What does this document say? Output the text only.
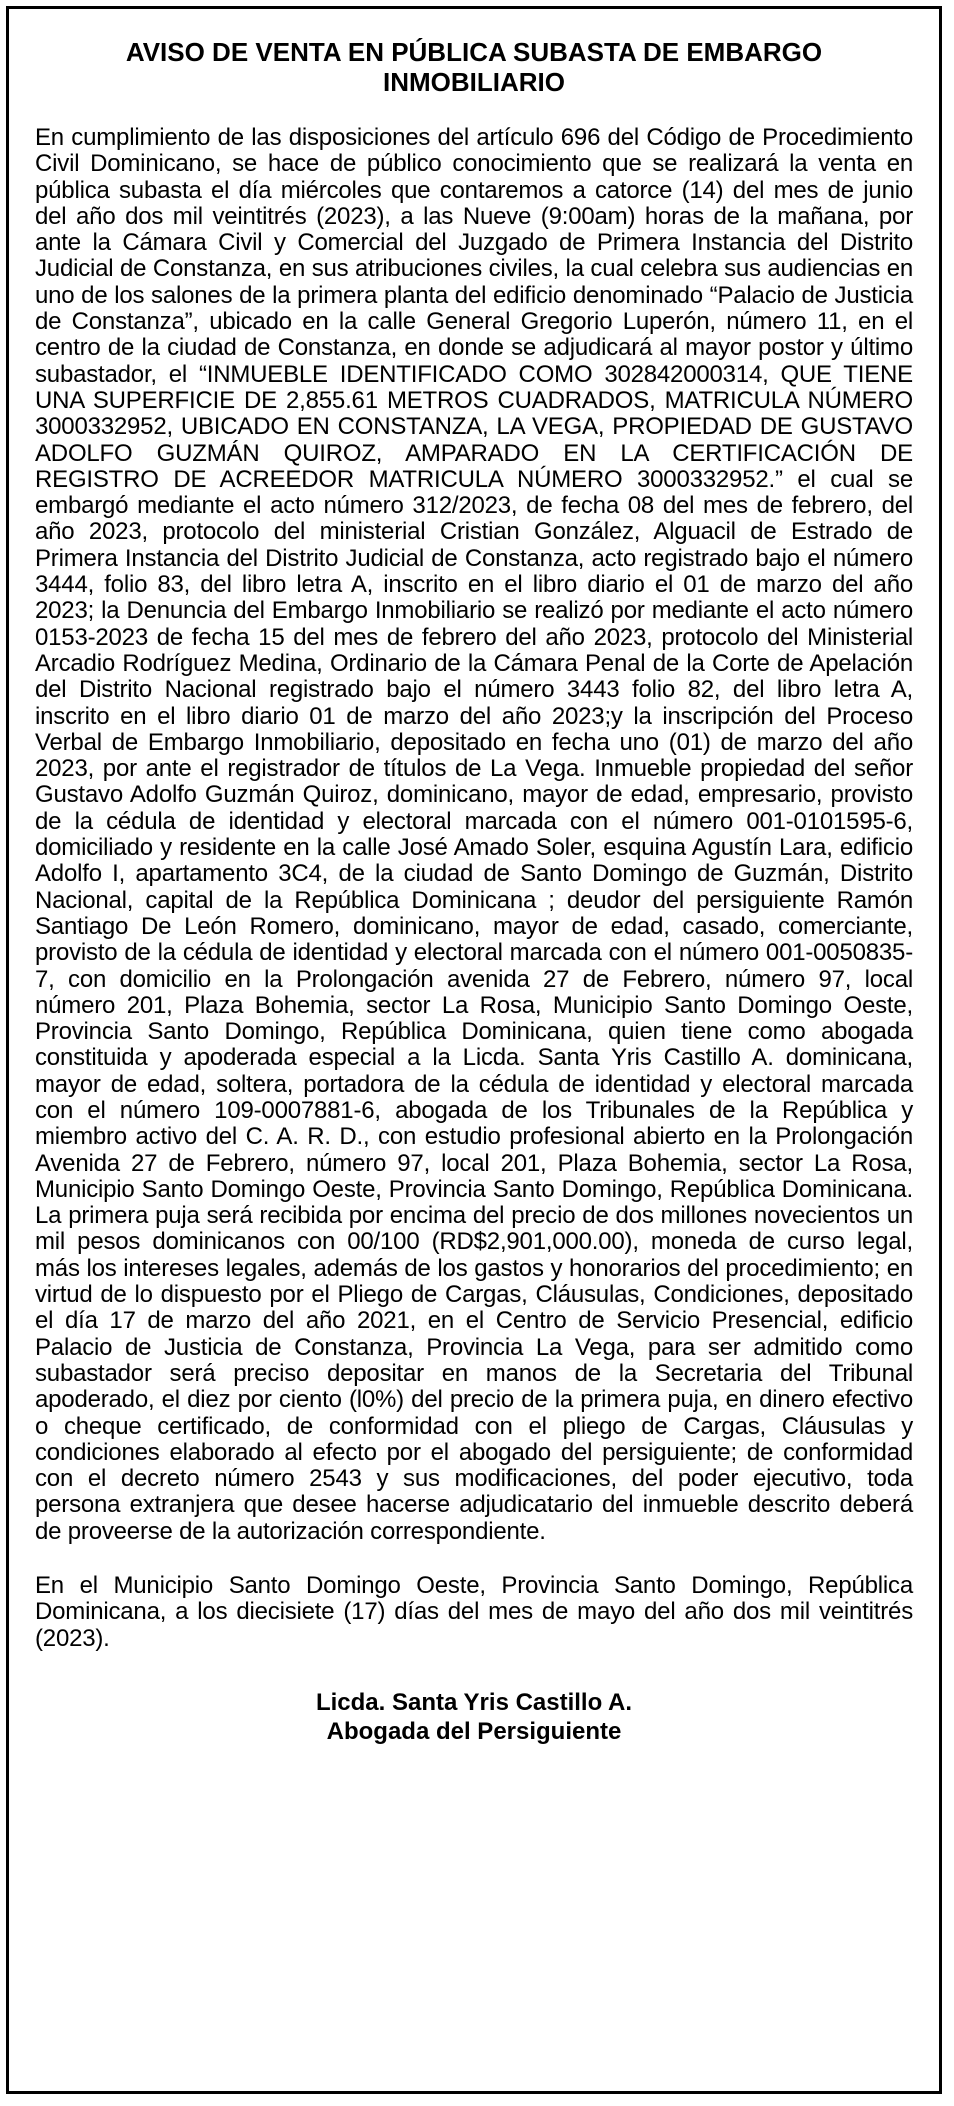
AVISO DE VENTA EN PÚBLICA SUBASTA DE EMBARGO INMOBILIARIO

En cumplimiento de las disposiciones del artículo 696 del Código de Procedimiento Civil Dominicano, se hace de público conocimiento que se realizará la venta en pública subasta el día miércoles que contaremos a catorce (14) del mes de junio del año dos mil veintitrés (2023), a las Nueve (9:00am) horas de la mañana, por ante la Cámara Civil y Comercial del Juzgado de Primera Instancia del Distrito Judicial de Constanza, en sus atribuciones civiles, la cual celebra sus audiencias en uno de los salones de la primera planta del edificio denominado “Palacio de Justicia de Constanza”, ubicado en la calle General Gregorio Luperón, número 11, en el centro de la ciudad de Constanza, en donde se adjudicará al mayor postor y último subastador, el “INMUEBLE IDENTIFICADO COMO 302842000314, QUE TIENE UNA SUPERFICIE DE 2,855.61 METROS CUADRADOS, MATRICULA NÚMERO 3000332952, UBICADO EN CONSTANZA, LA VEGA, PROPIEDAD DE GUSTAVO ADOLFO GUZMÁN QUIROZ, AMPARADO EN LA CERTIFICACIÓN DE REGISTRO DE ACREEDOR MATRICULA NÚMERO 3000332952.” el cual se embargó mediante el acto número 312/2023, de fecha 08 del mes de febrero, del año 2023, protocolo del ministerial Cristian González, Alguacil de Estrado de Primera Instancia del Distrito Judicial de Constanza, acto registrado bajo el número 3444, folio 83, del libro letra A, inscrito en el libro diario el 01 de marzo del año 2023; la Denuncia del Embargo Inmobiliario se realizó por mediante el acto número 0153-2023 de fecha 15 del mes de febrero del año 2023, protocolo del Ministerial Arcadio Rodríguez Medina, Ordinario de la Cámara Penal de la Corte de Apelación del Distrito Nacional registrado bajo el número 3443 folio 82, del libro letra A, inscrito en el libro diario 01 de marzo del año 2023;y la inscripción del Proceso Verbal de Embargo Inmobiliario, depositado en fecha uno (01) de marzo del año 2023, por ante el registrador de títulos de La Vega. Inmueble propiedad del señor Gustavo Adolfo Guzmán Quiroz, dominicano, mayor de edad, empresario, provisto de la cédula de identidad y electoral marcada con el número 001-0101595-6, domiciliado y residente en la calle José Amado Soler, esquina Agustín Lara, edificio Adolfo I, apartamento 3C4, de la ciudad de Santo Domingo de Guzmán, Distrito Nacional, capital de la República Dominicana ; deudor del persiguiente Ramón Santiago De León Romero, dominicano, mayor de edad, casado, comerciante, provisto de la cédula de identidad y electoral marcada con el número 001-0050835-7, con domicilio en la Prolongación avenida 27 de Febrero, número 97, local número 201, Plaza Bohemia, sector La Rosa, Municipio Santo Domingo Oeste, Provincia Santo Domingo, República Dominicana, quien tiene como abogada constituida y apoderada especial a la Licda. Santa Yris Castillo A. dominicana, mayor de edad, soltera, portadora de la cédula de identidad y electoral marcada con el número 109-0007881-6, abogada de los Tribunales de la República y miembro activo del C. A. R. D., con estudio profesional abierto en la Prolongación Avenida 27 de Febrero, número 97, local 201, Plaza Bohemia, sector La Rosa, Municipio Santo Domingo Oeste, Provincia Santo Domingo, República Dominicana. La primera puja será recibida por encima del precio de dos millones novecientos un mil pesos dominicanos con 00/100 (RD$2,901,000.00), moneda de curso legal, más los intereses legales, además de los gastos y honorarios del procedimiento; en virtud de lo dispuesto por el Pliego de Cargas, Cláusulas, Condiciones, depositado el día 17 de marzo del año 2021, en el Centro de Servicio Presencial, edificio Palacio de Justicia de Constanza, Provincia La Vega, para ser admitido como subastador será preciso depositar en manos de la Secretaria del Tribunal apoderado, el diez por ciento (l0%) del precio de la primera puja, en dinero efectivo o cheque certificado, de conformidad con el pliego de Cargas, Cláusulas y condiciones elaborado al efecto por el abogado del persiguiente; de conformidad con el decreto número 2543 y sus modificaciones, del poder ejecutivo, toda persona extranjera que desee hacerse adjudicatario del inmueble descrito deberá de proveerse de la autorización correspondiente.

En el Municipio Santo Domingo Oeste, Provincia Santo Domingo, República Dominicana, a los diecisiete (17) días del mes de mayo del año dos mil veintitrés (2023).

Licda. Santa Yris Castillo A.
Abogada del Persiguiente
